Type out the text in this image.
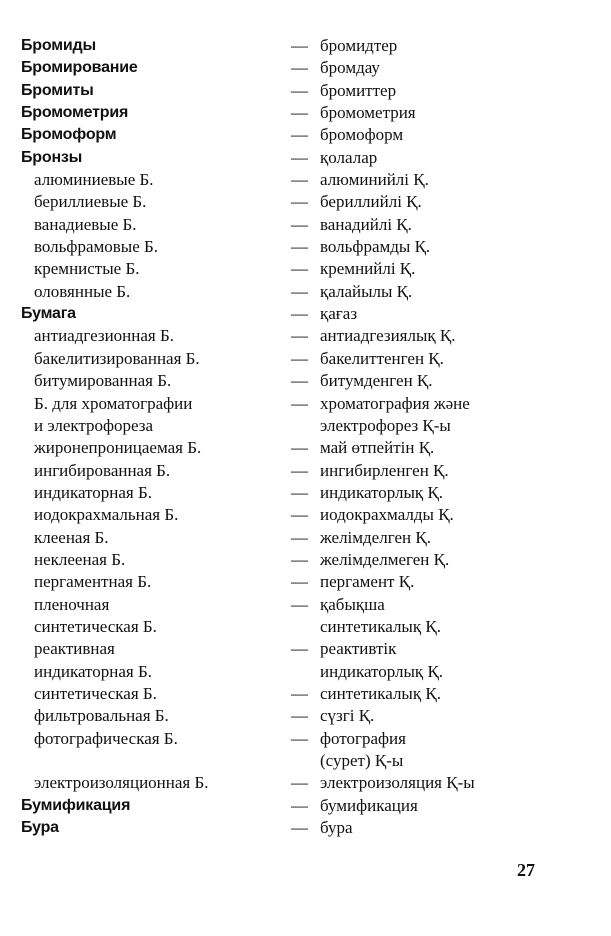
Бромиды	— бромидтер
Бромирование	— бромдау
Бромиты	— бромиттер
Бромометрия	— бромометрия
Бромоформ	— бромоформ
Бронзы	— қолалар
алюминиевые Б.	— алюминийлі Қ.
бериллиевые Б.	— бериллийлі Қ.
ванадиевые Б.	— ванадийлі Қ.
вольфрамовые Б.	— вольфрамды Қ.
кремнистые Б.	— кремнийлі Қ.
оловянные Б.	— қалайылы Қ.
Бумага	— қағаз
антиадгезионная Б.	— антиадгезиялық Қ.
бакелитизированная Б.	— бакелиттенген Қ.
битумированная Б.	— битумденген Қ.
Б. для хроматографии	— хроматография және
и электрофореза	электрофорез Қ-ы
жиронепроницаемая Б.	— май өтпейтін Қ.
ингибированная Б.	— ингибирленген Қ.
индикаторная Б.	— индикаторлық Қ.
иодокрахмальная Б.	— иодокрахмалды Қ.
клееная Б.	— желімделген Қ.
неклееная Б.	— желімделмеген Қ.
пергаментная Б.	— пергамент Қ.
пленочная	— қабықша
синтетическая Б.	синтетикалық Қ.
реактивная	— реактивтік
индикаторная Б.	индикаторлық Қ.
синтетическая Б.	— синтетикалық Қ.
фильтровальная Б.	— сүзгі Қ.
фотографическая Б.	— фотография
(сурет) Қ-ы
электроизоляционная Б.	— электроизоляция Қ-ы
Бумификация	— бумификация
Бура	— бура
27
